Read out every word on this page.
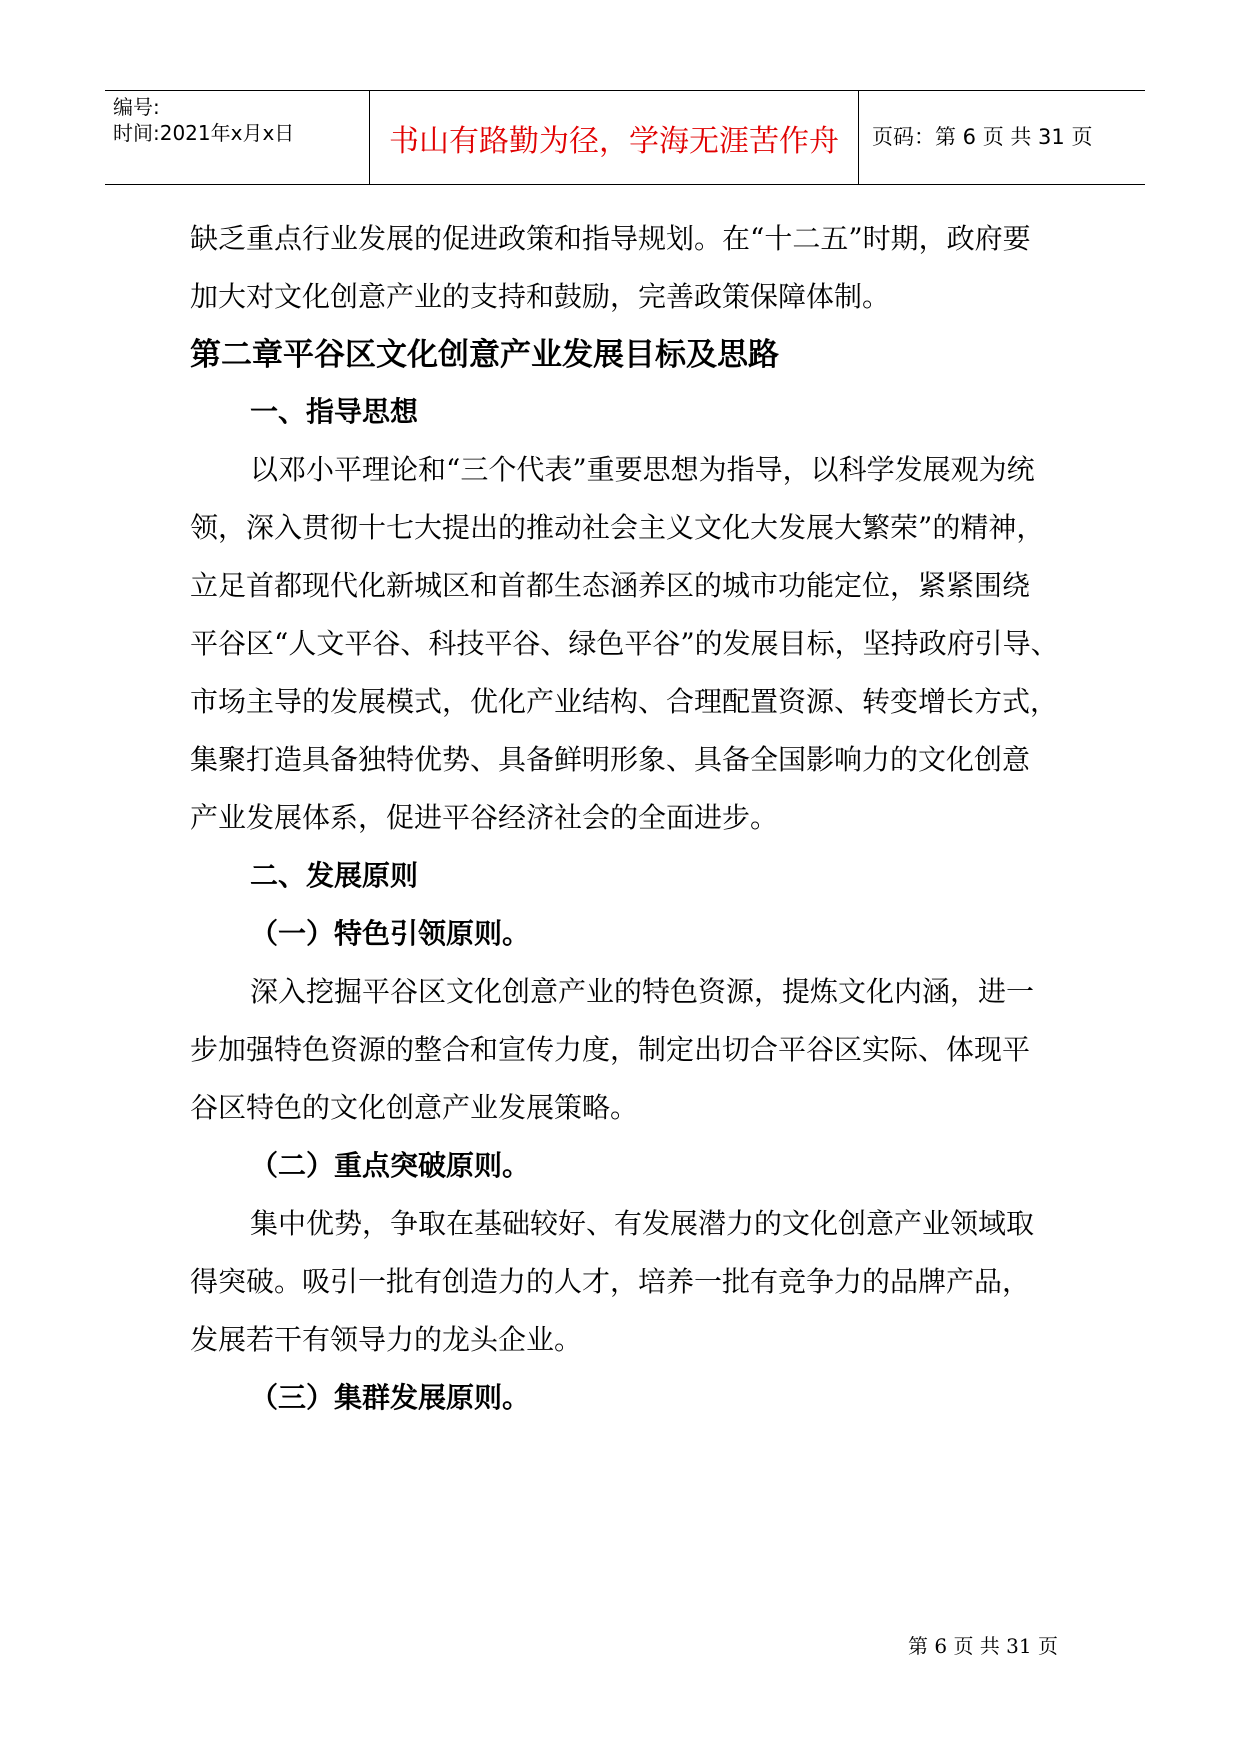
编号:
时间:2021年x月x日	书山有路勤为径，学海无涯苦作舟	页码：第 6 页 共 31 页
缺乏重点行业发展的促进政策和指导规划。在“十二五”时期，政府要
加大对文化创意产业的支持和鼓励，完善政策保障体制。
第二章平谷区文化创意产业发展目标及思路
一、指导思想
以邓小平理论和“三个代表”重要思想为指导，以科学发展观为统
领，深入贯彻十七大提出的推动社会主义文化大发展大繁荣”的精神，
立足首都现代化新城区和首都生态涵养区的城市功能定位，紧紧围绕
平谷区“人文平谷、科技平谷、绿色平谷”的发展目标，坚持政府引导、
市场主导的发展模式，优化产业结构、合理配置资源、转变增长方式，
集聚打造具备独特优势、具备鲜明形象、具备全国影响力的文化创意
产业发展体系，促进平谷经济社会的全面进步。
二、发展原则
（一）特色引领原则。
深入挖掘平谷区文化创意产业的特色资源，提炼文化内涵，进一
步加强特色资源的整合和宣传力度，制定出切合平谷区实际、体现平
谷区特色的文化创意产业发展策略。
（二）重点突破原则。
集中优势，争取在基础较好、有发展潜力的文化创意产业领域取
得突破。吸引一批有创造力的人才，培养一批有竞争力的品牌产品，
发展若干有领导力的龙头企业。
（三）集群发展原则。
第 6 页 共 31 页
